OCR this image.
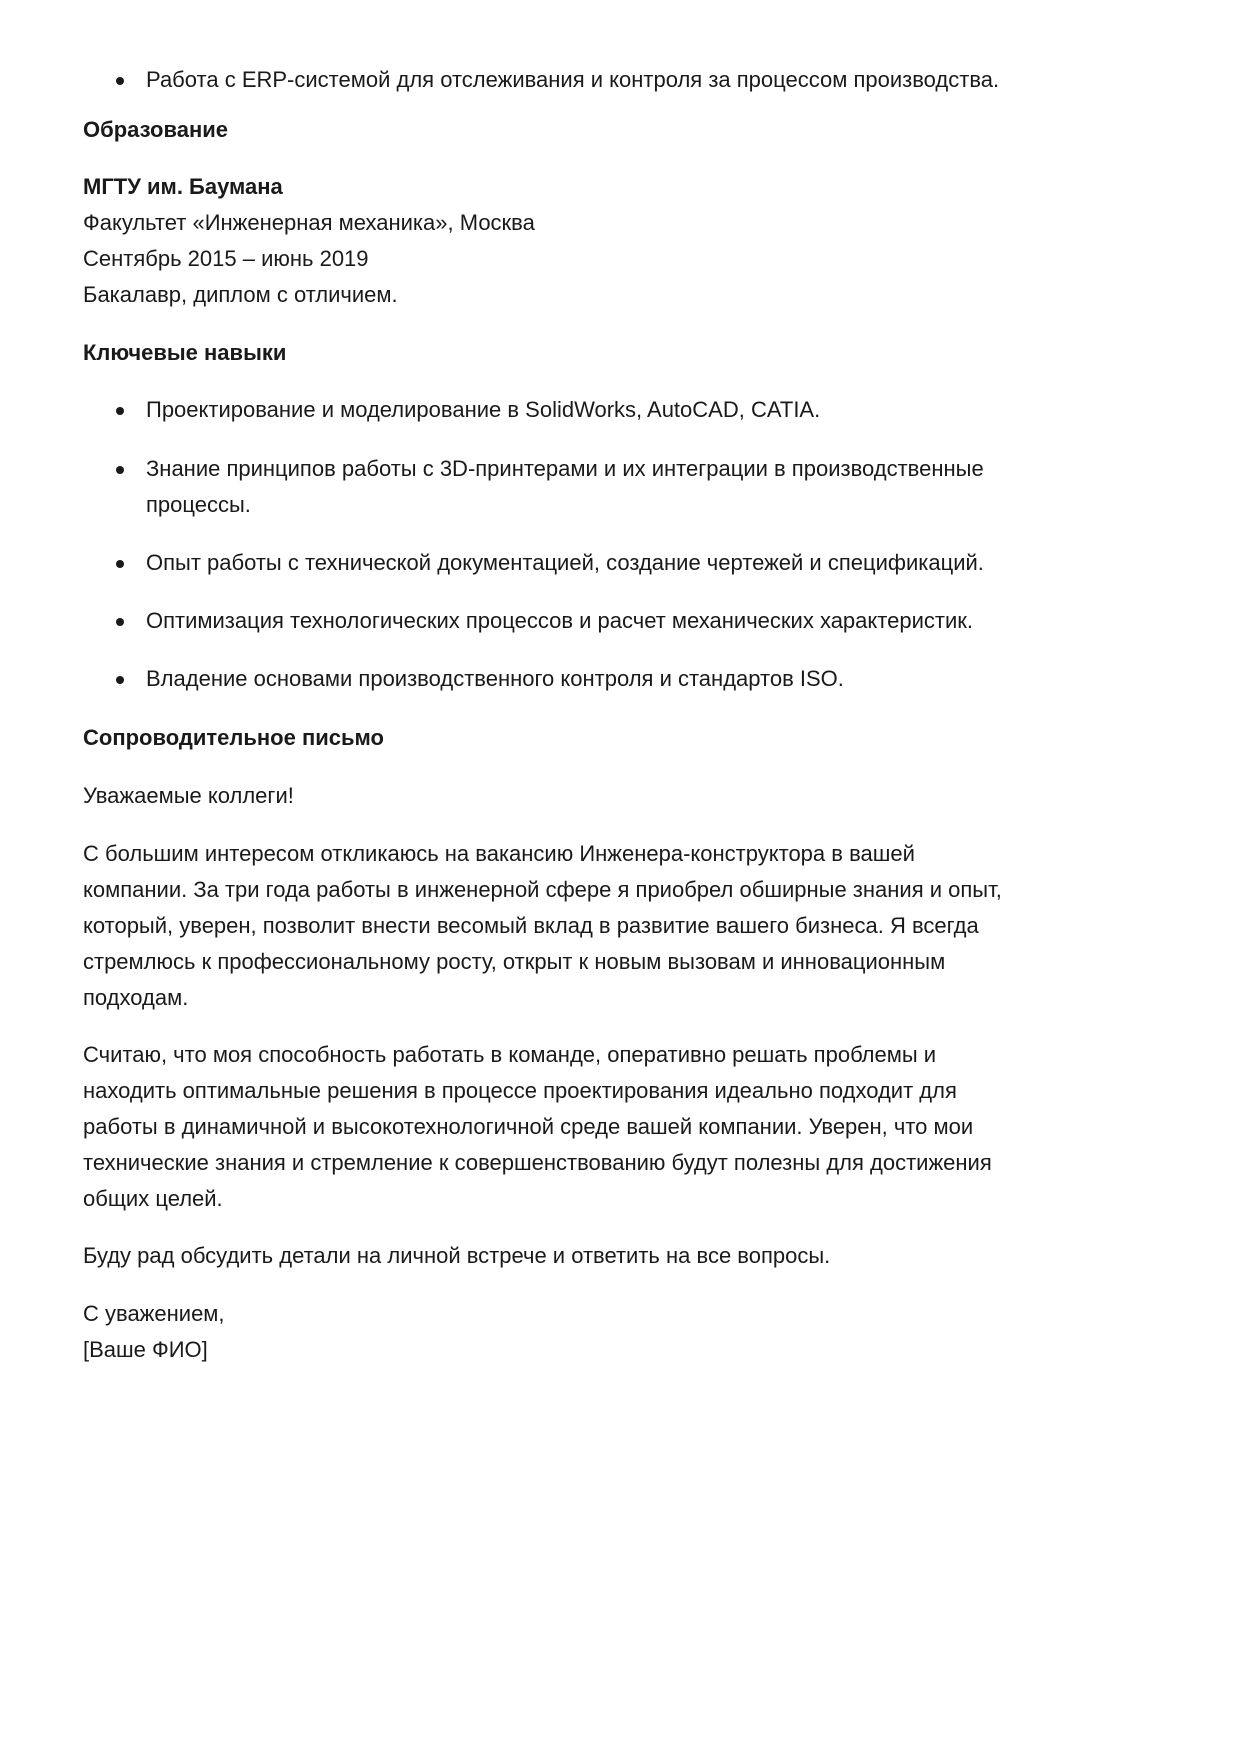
Работа с ERP-системой для отслеживания и контроля за процессом производства.
Образование
МГТУ им. Баумана
Факультет «Инженерная механика», Москва
Сентябрь 2015 – июнь 2019
Бакалавр, диплом с отличием.
Ключевые навыки
Проектирование и моделирование в SolidWorks, AutoCAD, CATIA.
Знание принципов работы с 3D-принтерами и их интеграции в производственные
процессы.
Опыт работы с технической документацией, создание чертежей и спецификаций.
Оптимизация технологических процессов и расчет механических характеристик.
Владение основами производственного контроля и стандартов ISO.
Сопроводительное письмо
Уважаемые коллеги!
С большим интересом откликаюсь на вакансию Инженера-конструктора в вашей
компании. За три года работы в инженерной сфере я приобрел обширные знания и опыт,
который, уверен, позволит внести весомый вклад в развитие вашего бизнеса. Я всегда
стремлюсь к профессиональному росту, открыт к новым вызовам и инновационным
подходам.
Считаю, что моя способность работать в команде, оперативно решать проблемы и
находить оптимальные решения в процессе проектирования идеально подходит для
работы в динамичной и высокотехнологичной среде вашей компании. Уверен, что мои
технические знания и стремление к совершенствованию будут полезны для достижения
общих целей.
Буду рад обсудить детали на личной встрече и ответить на все вопросы.
С уважением,
[Ваше ФИО]
